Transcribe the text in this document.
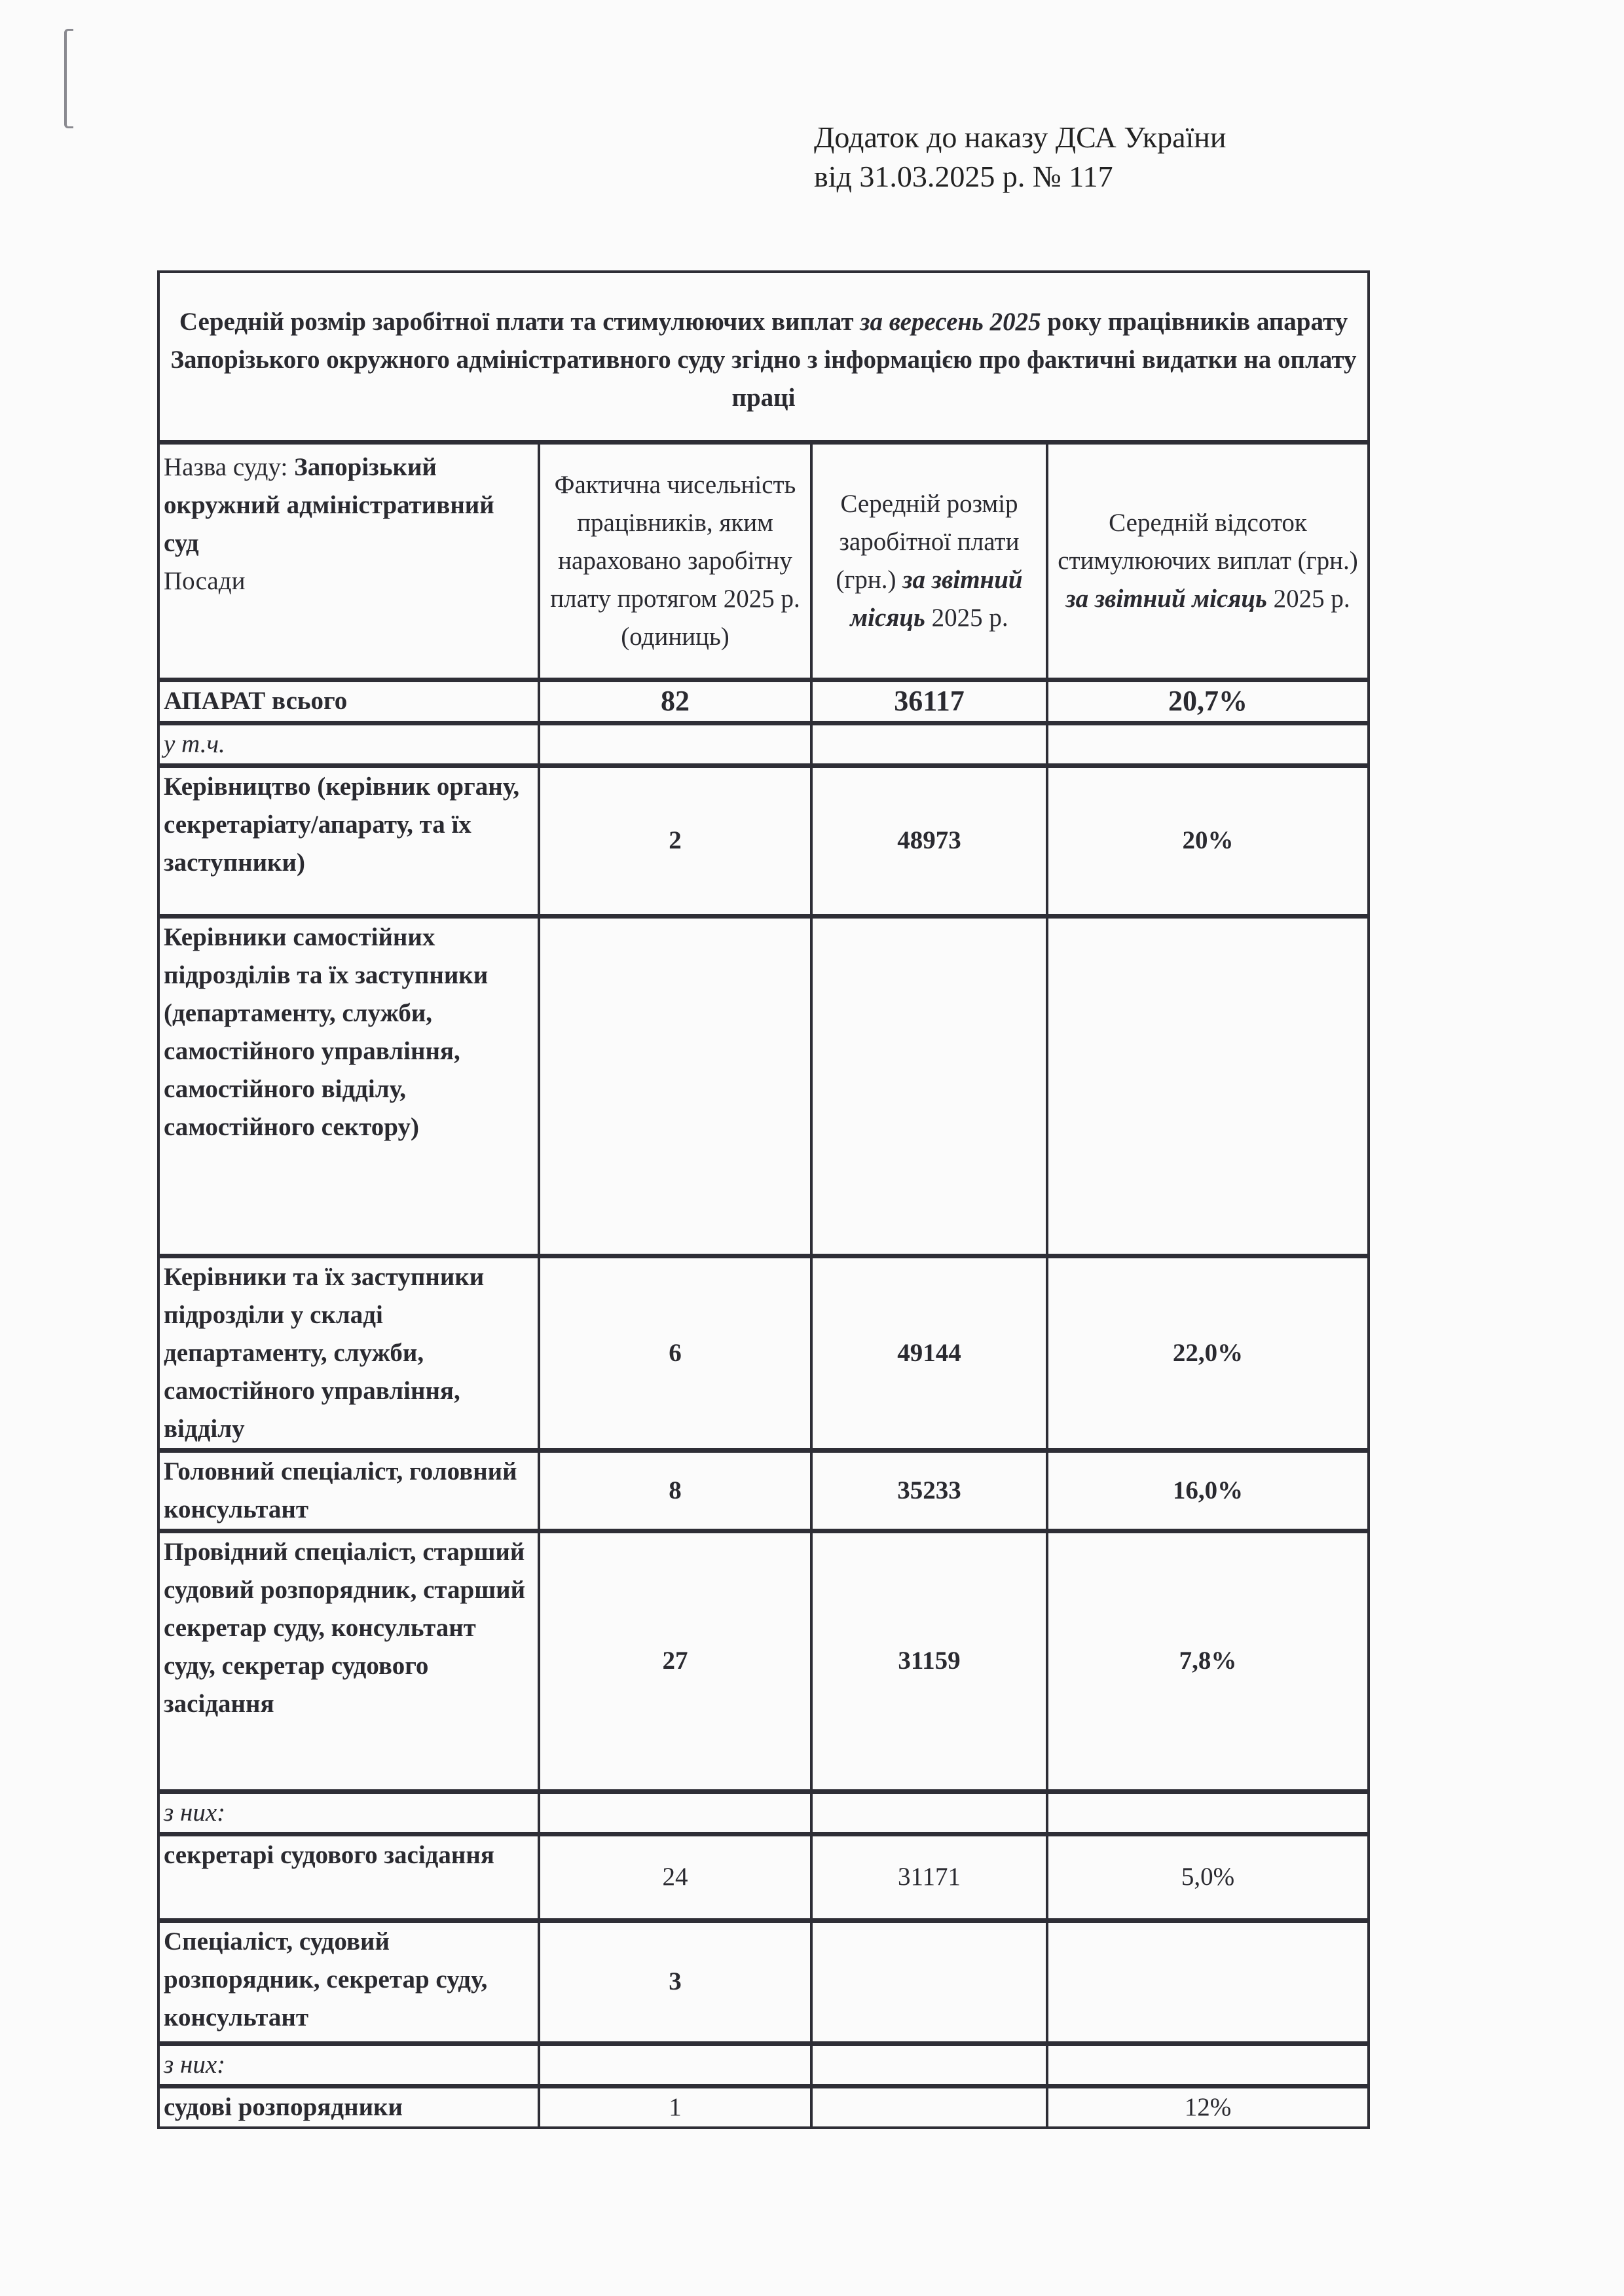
Додаток до наказу ДСА України
від 31.03.2025 р. № 117
Середній розмір заробітної плати та стимулюючих виплат за вересень 2025 року працівників апарату Запорізького окружного адміністративного суду згідно з інформацією про фактичні видатки на оплату праці			
Назва суду: Запорізький окружний адміністративний суд
Посади	Фактична чисельність працівників, яким нараховано заробітну плату протягом 2025 р.(одиниць)	Середній розмір заробітної плати (грн.) за звітний місяць 2025 р.	Середній відсоток стимулюючих виплат (грн.) за звітний місяць 2025 р.
АПАРАТ всього	82	36117	20,7%
у т.ч.			
Керівництво (керівник органу, секретаріату/апарату, та їх заступники)	2	48973	20%
Керівники самостійних підрозділів та їх заступники (департаменту, служби, самостійного управління, самостійного відділу, самостійного сектору)			
Керівники та їх заступники підрозділи у складі департаменту, служби, самостійного управління, відділу	6	49144	22,0%
Головний спеціаліст, головний консультант	8	35233	16,0%
Провідний спеціаліст, старший судовий розпорядник, старший секретар суду, консультант суду, секретар судового засідання	27	31159	7,8%
з них:			
секретарі судового засідання	24	31171	5,0%
Спеціаліст, судовий розпорядник, секретар суду, консультант	3		
з них:			
судові розпорядники	1		12%
